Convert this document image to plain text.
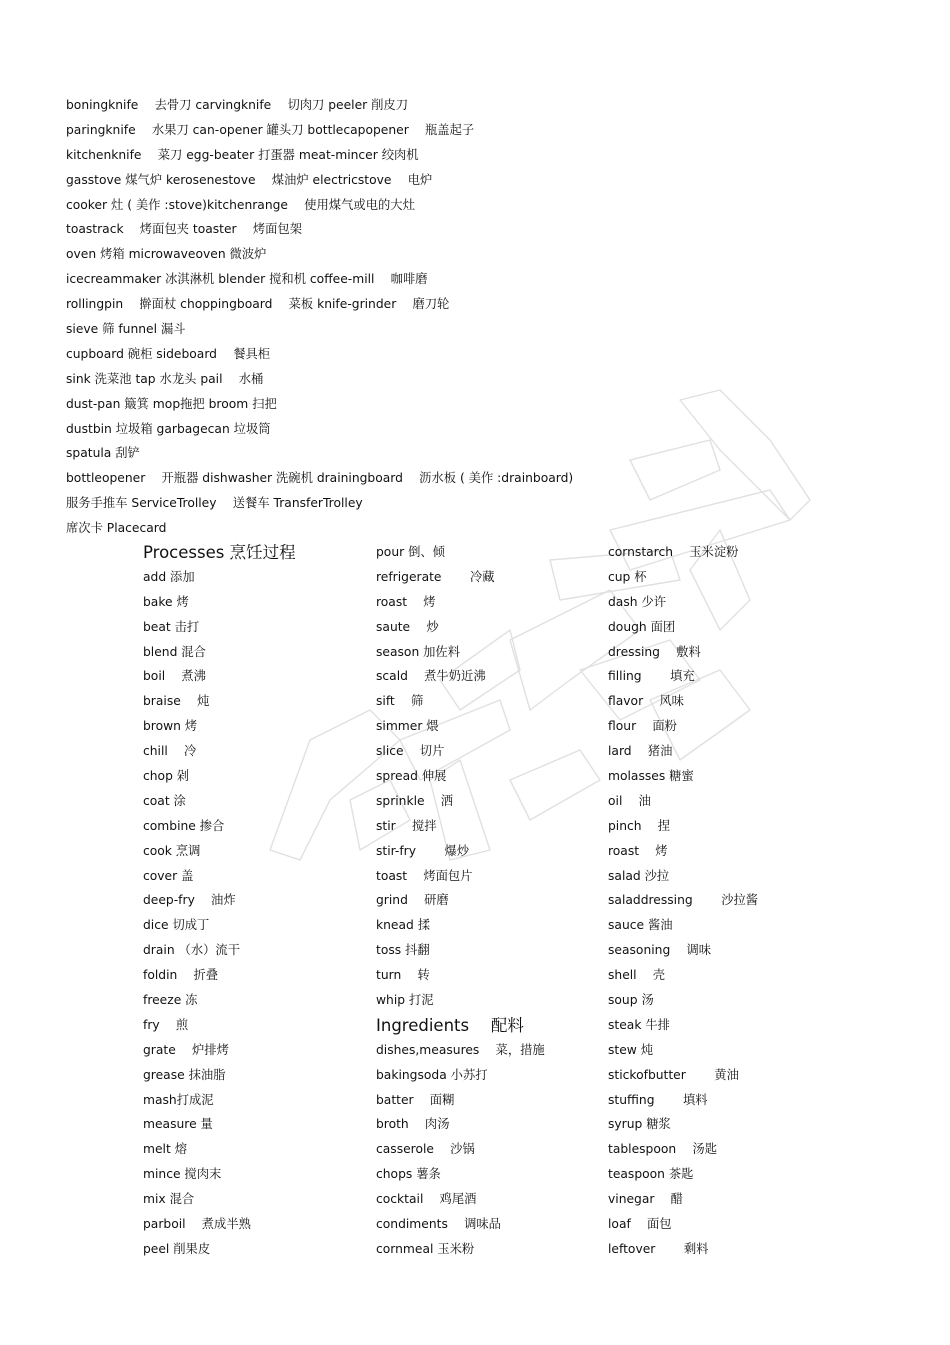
boningknife　 去骨刀 carvingknife　 切肉刀 peeler 削皮刀
paringknife　 水果刀 can-opener 罐头刀 bottlecapopener　 瓶盖起子
kitchenknife　 菜刀 egg-beater 打蛋器 meat-mincer 绞肉机
gasstove 煤气炉 kerosenestove　 煤油炉 electricstove　 电炉
cooker 灶 ( 美作 :stove)kitchenrange　 使用煤气或电的大灶
toastrack　 烤面包夹 toaster　 烤面包架
oven 烤箱 microwaveoven 微波炉
icecreammaker 冰淇淋机 blender 搅和机 coffee-mill　 咖啡磨
rollingpin　 擀面杖 choppingboard　 菜板 knife-grinder　 磨刀轮
sieve 筛 funnel 漏斗
cupboard 碗柜 sideboard　 餐具柜
sink 洗菜池 tap 水龙头 pail　 水桶
dust-pan 簸箕 mop拖把 broom 扫把
dustbin 垃圾箱 garbagecan 垃圾筒
spatula 刮铲
bottleopener　 开瓶器 dishwasher 洗碗机 drainingboard　 沥水板 ( 美作 :drainboard)
服务手推车 ServiceTrolley　 送餐车 TransferTrolley
席次卡 Placecard
Processes 烹饪过程
add 添加
bake 烤
beat 击打
blend 混合
boil　 煮沸
braise　 炖
brown 烤
chill　 冷
chop 剁
coat 涂
combine 掺合
cook 烹调
cover 盖
deep-fry　 油炸
dice 切成丁
drain （水）流干
foldin　 折叠
freeze 冻
fry　 煎
grate　 炉排烤
grease 抹油脂
mash打成泥
measure 量
melt 熔
mince 搅肉末
mix 混合
parboil　 煮成半熟
peel 削果皮
pour 倒、倾
refrigerate　　 冷藏
roast　 烤
saute　 炒
season 加佐料
scald　 煮牛奶近沸
sift　 筛
simmer 煨
slice　 切片
spread 伸展
sprinkle　 洒
stir　 搅拌
stir-fry　　 爆炒
toast　 烤面包片
grind　 研磨
knead 揉
toss 抖翻
turn　 转
whip 打泥
Ingredients　 配料
dishes,measures　 菜，措施
bakingsoda 小苏打
batter　 面糊
broth　 肉汤
casserole　 沙锅
chops 薯条
cocktail　 鸡尾酒
condiments　 调味品
cornmeal 玉米粉
cornstarch　 玉米淀粉
cup 杯
dash 少许
dough 面团
dressing　 敷料
filling　　 填充
flavor　 风味
flour　 面粉
lard　 猪油
molasses 糖蜜
oil　 油
pinch　 捏
roast　 烤
salad 沙拉
saladdressing　　 沙拉酱
sauce 酱油
seasoning　 调味
shell　 壳
soup 汤
steak 牛排
stew 炖
stickofbutter　　 黄油
stuffing　　 填料
syrup 糖浆
tablespoon　 汤匙
teaspoon 茶匙
vinegar　 醋
loaf　 面包
leftover　　 剩料
